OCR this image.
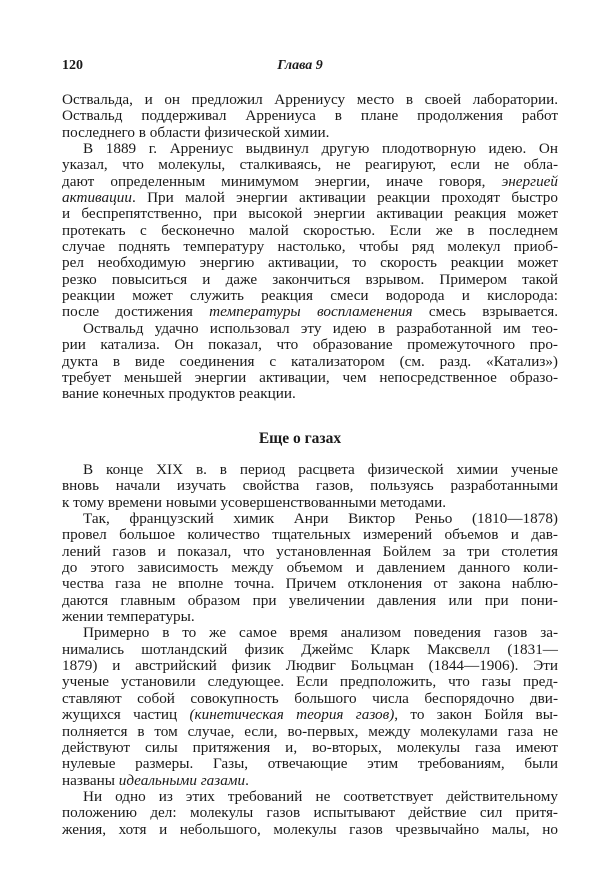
120	Глава 9
Оствальда, и он предложил Аррениусу место в своей лаборатории.
Оствальд поддерживал Аррениуса в плане продолжения работ
последнего в области физической химии.
В 1889 г. Аррениус выдвинул другую плодотворную идею. Он
указал, что молекулы, сталкиваясь, не реагируют, если не обла-
дают определенным минимумом энергии, иначе говоря, энергией
активации. При малой энергии активации реакции проходят быстро
и беспрепятственно, при высокой энергии активации реакция может
протекать с бесконечно малой скоростью. Если же в последнем
случае поднять температуру настолько, чтобы ряд молекул приоб-
рел необходимую энергию активации, то скорость реакции может
резко повыситься и даже закончиться взрывом. Примером такой
реакции может служить реакция смеси водорода и кислорода:
после достижения температуры воспламенения смесь взрывается.
Оствальд удачно использовал эту идею в разработанной им тео-
рии катализа. Он показал, что образование промежуточного про-
дукта в виде соединения с катализатором (см. разд. «Катализ»)
требует меньшей энергии активации, чем непосредственное образо-
вание конечных продуктов реакции.
Еще о газах
В конце XIX в. в период расцвета физической химии ученые
вновь начали изучать свойства газов, пользуясь разработанными
к тому времени новыми усовершенствованными методами.
Так, французский химик Анри Виктор Реньо (1810—1878)
провел большое количество тщательных измерений объемов и дав-
лений газов и показал, что установленная Бойлем за три столетия
до этого зависимость между объемом и давлением данного коли-
чества газа не вполне точна. Причем отклонения от закона наблю-
даются главным образом при увеличении давления или при пони-
жении температуры.
Примерно в то же самое время анализом поведения газов за-
нимались шотландский физик Джеймс Кларк Максвелл (1831—
1879) и австрийский физик Людвиг Больцман (1844—1906). Эти
ученые установили следующее. Если предположить, что газы пред-
ставляют собой совокупность большого числа беспорядочно дви-
жущихся частиц (кинетическая теория газов), то закон Бойля вы-
полняется в том случае, если, во-первых, между молекулами газа не
действуют силы притяжения и, во-вторых, молекулы газа имеют
нулевые размеры. Газы, отвечающие этим требованиям, были
названы идеальными газами.
Ни одно из этих требований не соответствует действительному
положению дел: молекулы газов испытывают действие сил притя-
жения, хотя и небольшого, молекулы газов чрезвычайно малы, но
